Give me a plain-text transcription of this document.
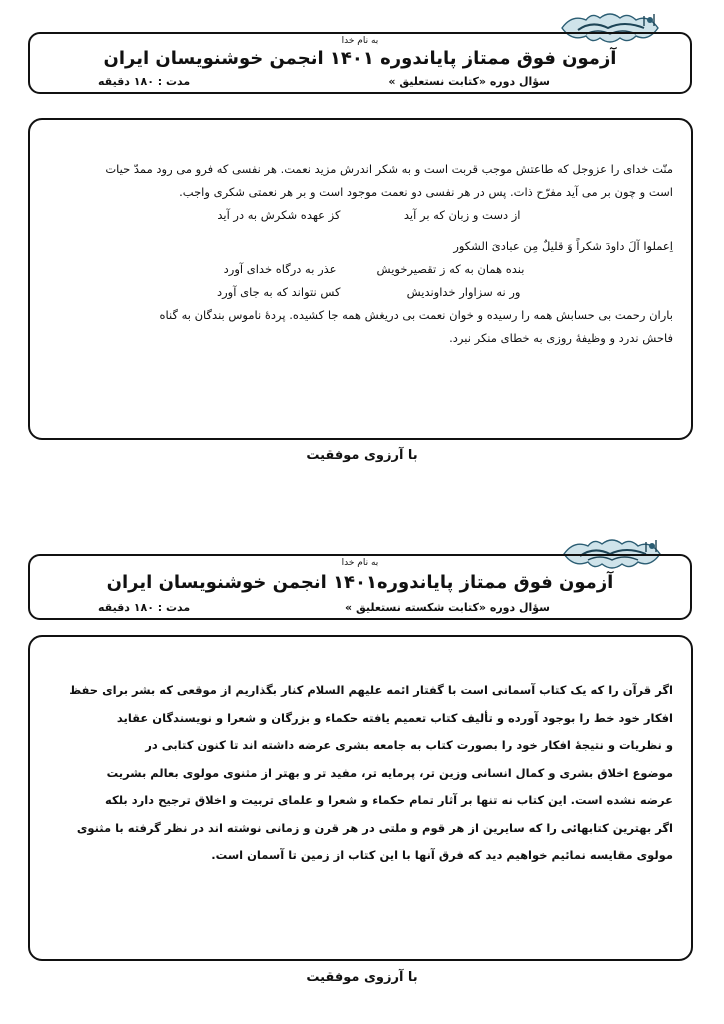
به نام خدا
آزمون فوق ممتاز پایاندوره ۱۴۰۱ انجمن خوشنویسان ایران
سؤال دوره «کتابت نستعلیق »
مدت : ۱۸۰ دقیقه

منّت خدای را عزوجل که طاعتش موجب قربت است و به شکر اندرش مزید نعمت. هر نفسی که فرو می رود ممدّ حیات

است و چون بر می آید مفرّح ذات. پس در هر نفسی دو نعمت موجود است و بر هر نعمتی شکری واجب.

از دست و زبان که بر آید
کز عهده شکرش به در آید

اِعملوا آلَ داودَ شکراً وَ قلیلٌ مِن عبادیَ الشکور

بنده همان به که ز تقصیرخویش
عذر به درگاه خدای آورد

ور نه سزاوار خداوندیش
کس نتواند که به جای آورد

باران رحمت بی حسابش همه را رسیده و خوان نعمت بی دریغش همه جا کشیده. پردهٔ ناموس بندگان به گناه

فاحش ندرد و وظیفهٔ روزی به خطای منکر نبرد.

با آرزوی موفقیت
به نام خدا
آزمون فوق ممتاز پایاندوره۱۴۰۱ انجمن خوشنویسان ایران
سؤال دوره «کتابت شکسته نستعلیق »
مدت : ۱۸۰ دقیقه

اگر قرآن را که یک کتاب آسمانی است با گفتار ائمه علیهم السلام کنار بگذاریم از موقعی که بشر برای حفظ

افکار خود خط را بوجود آورده و تألیف کتاب تعمیم یافته حکماء و بزرگان و شعرا و نویسندگان عقاید

و نظریات و نتیجهٔ افکار خود را بصورت کتاب به جامعه بشری عرضه داشته اند تا کنون کتابی در

موضوع اخلاق بشری و کمال انسانی وزین تر، پرمایه تر، مفید تر و بهتر از مثنوی مولوی بعالم بشریت

عرضه نشده است. این کتاب نه تنها بر آثار تمام حکماء و شعرا و علمای تربیت و اخلاق ترجیح دارد بلکه

اگر بهترین کتابهائی را که سایرین از هر قوم و ملتی در هر قرن و زمانی نوشته اند در نظر گرفته با مثنوی

مولوی مقایسه نمائیم خواهیم دید که فرق آنها با این کتاب از زمین تا آسمان است.

با آرزوی موفقیت
